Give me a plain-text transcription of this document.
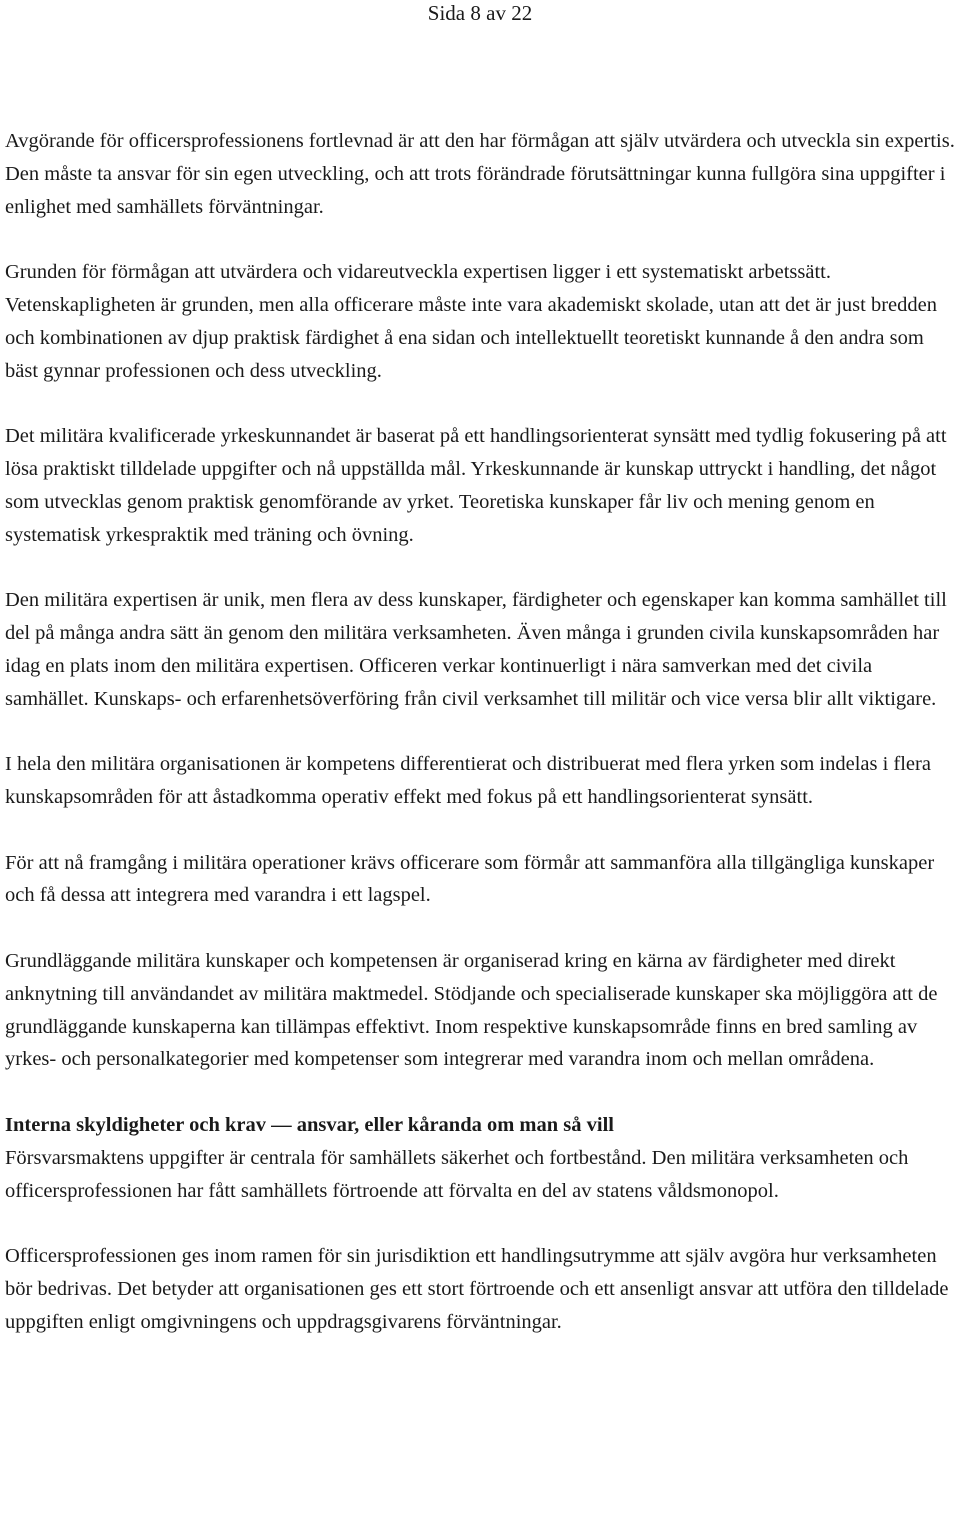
Sida 8 av 22

Avgörande för officersprofessionens fortlevnad är att den har förmågan att själv utvärdera och utveckla sin expertis. Den måste ta ansvar för sin egen utveckling, och att trots förändrade förutsättningar kunna fullgöra sina uppgifter i enlighet med samhällets förväntningar.

Grunden för förmågan att utvärdera och vidareutveckla expertisen ligger i ett systematiskt arbetssätt. Vetenskapligheten är grunden, men alla officerare måste inte vara akademiskt skolade, utan att det är just bredden och kombinationen av djup praktisk färdighet å ena sidan och intellektuellt teoretiskt kunnande å den andra som bäst gynnar professionen och dess utveckling.

Det militära kvalificerade yrkeskunnandet är baserat på ett handlingsorienterat synsätt med tydlig fokusering på att lösa praktiskt tilldelade uppgifter och nå uppställda mål. Yrkeskunnande är kunskap uttryckt i handling, det något som utvecklas genom praktisk genomförande av yrket. Teoretiska kunskaper får liv och mening genom en systematisk yrkespraktik med träning och övning.

Den militära expertisen är unik, men flera av dess kunskaper, färdigheter och egenskaper kan komma samhället till del på många andra sätt än genom den militära verksamheten. Även många i grunden civila kunskapsområden har idag en plats inom den militära expertisen. Officeren verkar kontinuerligt i nära samverkan med det civila samhället. Kunskaps- och erfarenhetsöverföring från civil verksamhet till militär och vice versa blir allt viktigare.

I hela den militära organisationen är kompetens differentierat och distribuerat med flera yrken som indelas i flera kunskapsområden för att åstadkomma operativ effekt med fokus på ett handlingsorienterat synsätt.

För att nå framgång i militära operationer krävs officerare som förmår att sammanföra alla tillgängliga kunskaper och få dessa att integrera med varandra i ett lagspel.

Grundläggande militära kunskaper och kompetensen är organiserad kring en kärna av färdigheter med direkt anknytning till användandet av militära maktmedel. Stödjande och specialiserade kunskaper ska möjliggöra att de grundläggande kunskaperna kan tillämpas effektivt. Inom respektive kunskapsområde finns en bred samling av yrkes- och personalkategorier med kompetenser som integrerar med varandra inom och mellan områdena.

Interna skyldigheter och krav — ansvar, eller kåranda om man så vill

Försvarsmaktens uppgifter är centrala för samhällets säkerhet och fortbestånd. Den militära verksamheten och officersprofessionen har fått samhällets förtroende att förvalta en del av statens våldsmonopol.

Officersprofessionen ges inom ramen för sin jurisdiktion ett handlingsutrymme att själv avgöra hur verksamheten bör bedrivas. Det betyder att organisationen ges ett stort förtroende och ett ansenligt ansvar att utföra den tilldelade uppgiften enligt omgivningens och uppdragsgivarens förväntningar.
